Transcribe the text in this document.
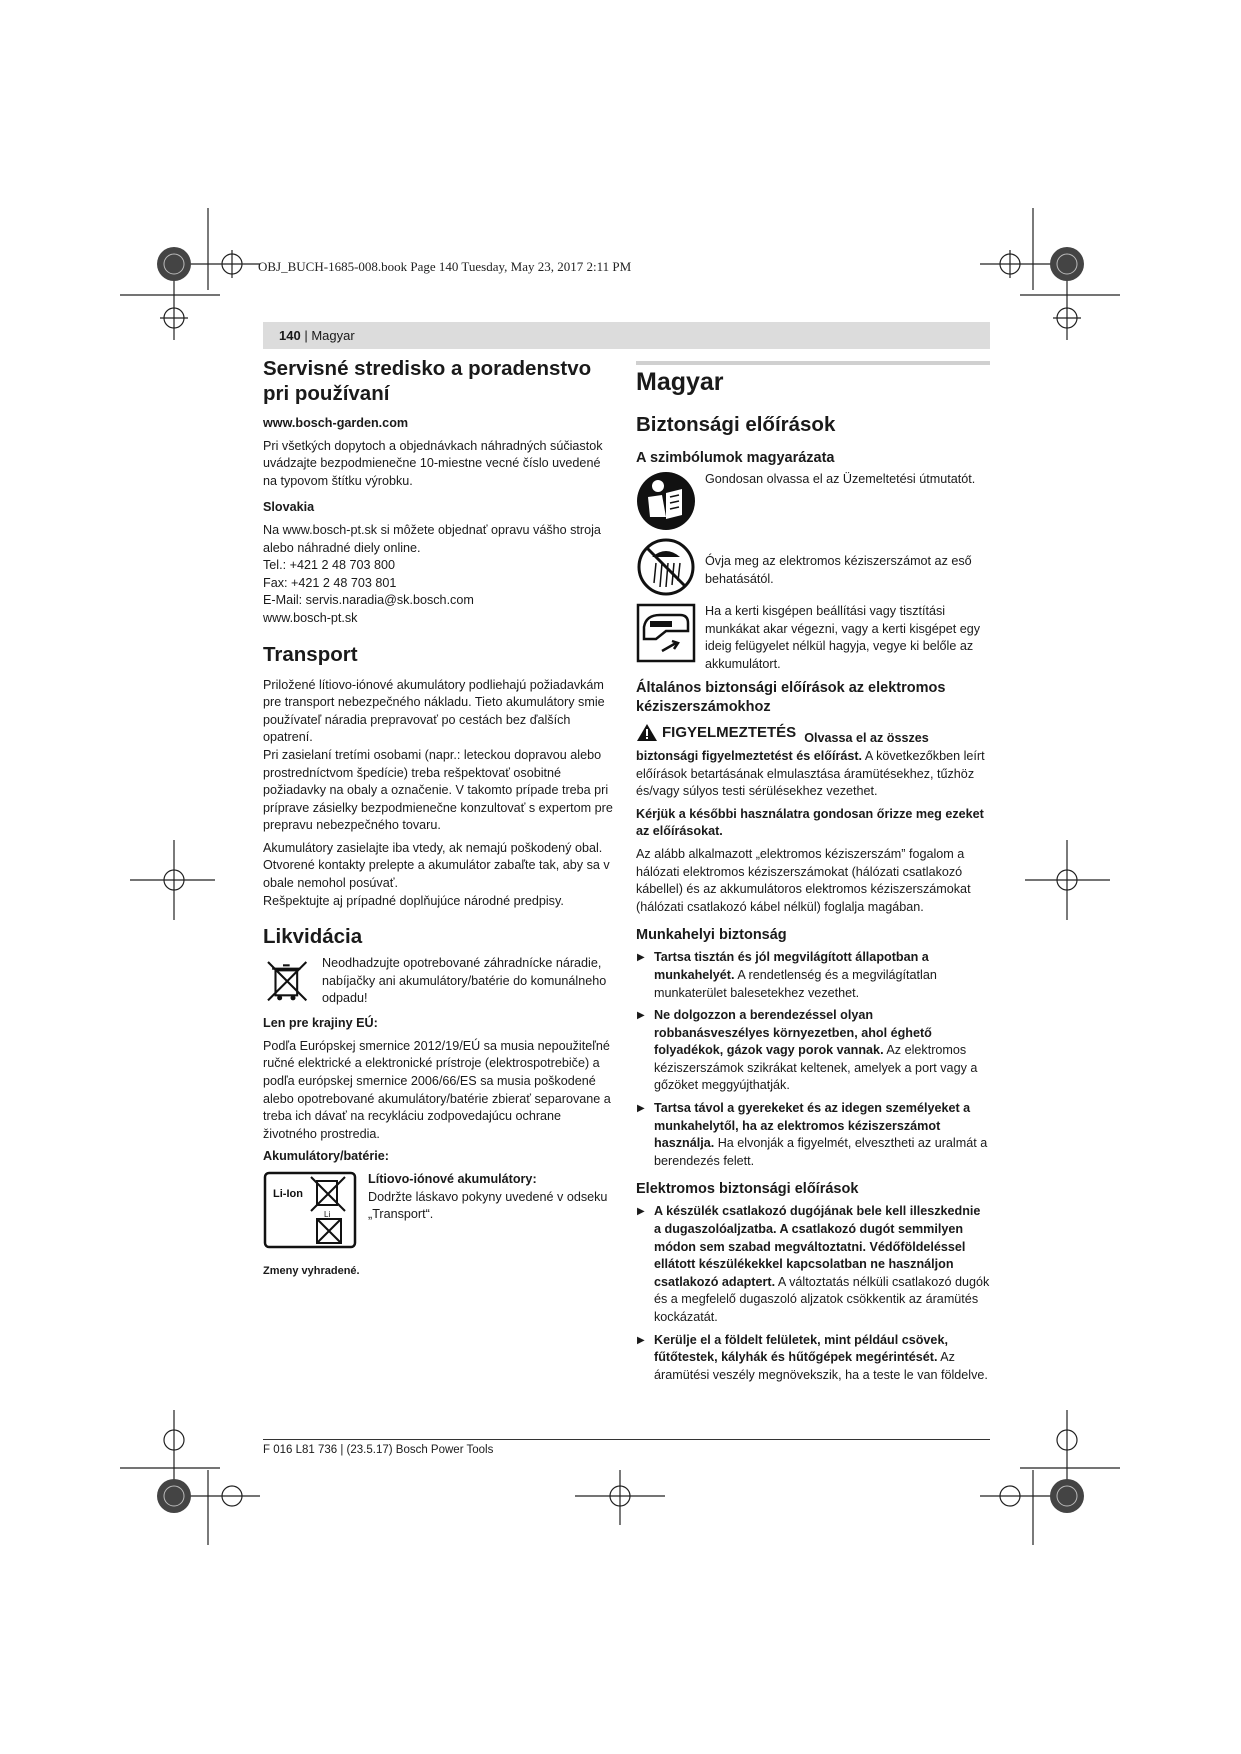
OBJ_BUCH-1685-008.book Page 140 Tuesday, May 23, 2017 2:11 PM
140 | Magyar
Servisné stredisko a poradenstvo pri používaní

www.bosch-garden.com

Pri všetkých dopytoch a objednávkach náhradných súčiastok uvádzajte bezpodmienečne 10-miestne vecné číslo uvedené na typovom štítku výrobku.

Slovakia

Na www.bosch-pt.sk si môžete objednať opravu vášho stroja alebo náhradné diely online.

Tel.: +421 2 48 703 800
Fax: +421 2 48 703 801
E-Mail: servis.naradia@sk.bosch.com
www.bosch-pt.sk
Transport

Priložené lítiovo-iónové akumulátory podliehajú požiadavkám pre transport nebezpečného nákladu. Tieto akumulátory smie používateľ náradia prepravovať po cestách bez ďalších opatrení.

Pri zasielaní tretími osobami (napr.: leteckou dopravou alebo prostredníctvom špedície) treba rešpektovať osobitné požiadavky na obaly a označenie. V takomto prípade treba pri príprave zásielky bezpodmienečne konzultovať s expertom pre prepravu nebezpečného tovaru.

Akumulátory zasielajte iba vtedy, ak nemajú poškodený obal. Otvorené kontakty prelepte a akumulátor zabaľte tak, aby sa v obale nemohol posúvať.

Rešpektujte aj prípadné doplňujúce národné predpisy.

Likvidácia
Neodhadzujte opotrebované záhradnícke náradie, nabíjačky ani akumulátory/batérie do komunálneho odpadu!

Len pre krajiny EÚ:

Podľa Európskej smernice 2012/19/EÚ sa musia nepoužiteľné ručné elektrické a elektronické prístroje (elektrospotrebiče) a podľa európskej smernice 2006/66/ES sa musia poškodené alebo opotrebované akumulátory/batérie zbierať separovane a treba ich dávať na recykláciu zodpovedajúcu ochrane životného prostredia.

Akumulátory/batérie:

Li-Ion
Li
Lítiovo-iónové akumulátory:
Dodržte láskavo pokyny uvedené v odseku „Transport“.
Zmeny vyhradené.
Magyar
Biztonsági előírások
A szimbólumok magyarázata
Gondosan olvassa el az Üzemeltetési útmutatót.
Óvja meg az elektromos kéziszerszámot az eső behatásától.
Ha a kerti kisgépen beállítási vagy tisztítási munkákat akar végezni, vagy a kerti kisgépet egy ideig felügyelet nélkül hagyja, vegye ki belőle az akkumulátort.
Általános biztonsági előírások az elektromos kéziszerszámokhoz
FIGYELMEZTETÉS Olvassa el az összes biztonsági figyelmeztetést és előírást. A következőkben leírt előírások betartásának elmulasztása áramütésekhez, tűzhöz és/vagy súlyos testi sérülésekhez vezethet.

Kérjük a későbbi használatra gondosan őrizze meg ezeket az előírásokat.

Az alább alkalmazott „elektromos kéziszerszám” fogalom a hálózati elektromos kéziszerszámokat (hálózati csatlakozó kábellel) és az akkumulátoros elektromos kéziszerszámokat (hálózati csatlakozó kábel nélkül) foglalja magában.

Munkahelyi biztonság
▶ Tartsa tisztán és jól megvilágított állapotban a munkahelyét. A rendetlenség és a megvilágítatlan munkaterület balesetekhez vezethet.
▶ Ne dolgozzon a berendezéssel olyan robbanásveszélyes környezetben, ahol éghető folyadékok, gázok vagy porok vannak. Az elektromos kéziszerszámok szikrákat keltenek, amelyek a port vagy a gőzöket meggyújthatják.
▶ Tartsa távol a gyerekeket és az idegen személyeket a munkahelytől, ha az elektromos kéziszerszámot használja. Ha elvonják a figyelmét, elvesztheti az uralmát a berendezés felett.
Elektromos biztonsági előírások
▶ A készülék csatlakozó dugójának bele kell illeszkednie a dugaszolóaljzatba. A csatlakozó dugót semmilyen módon sem szabad megváltoztatni. Védőföldeléssel ellátott készülékekkel kapcsolatban ne használjon csatlakozó adaptert. A változtatás nélküli csatlakozó dugók és a megfelelő dugaszoló aljzatok csökkentik az áramütés kockázatát.
▶ Kerülje el a földelt felületek, mint például csövek, fűtőtestek, kályhák és hűtőgépek megérintését. Az áramütési veszély megnövekszik, ha a teste le van földelve.
F 016 L81 736 | (23.5.17) Bosch Power Tools
